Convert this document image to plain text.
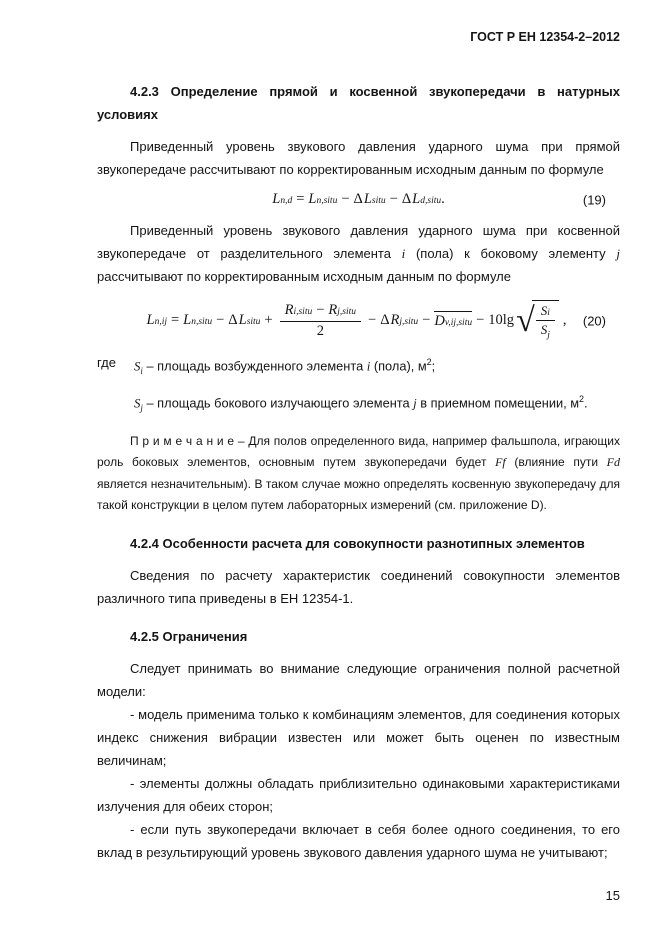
ГОСТ Р ЕН 12354-2–2012
4.2.3 Определение прямой и косвенной звукопередачи в натурных условиях

Приведенный уровень звукового давления ударного шума при прямой звукопередаче рассчитывают по корректированным исходным данным по формуле

L n,d = L n,situ − Δ L situ − Δ L d,situ .	(19)

Приведенный уровень звукового давления ударного шума при косвенной звукопередаче от разделительного элемента i (пола) к боковому элементу j рассчитывают по корректированным исходным данным по формуле

L n,ij = L n,situ − Δ L situ + $\frac{\text{R i,situ − R j,situ}}{2} - \Delta$ R j,situ − D v,ij,situ − 10lg √ $\frac{S_i}{S_j}$ , (20)
где	$S_i$ – площадь возбужденного элемента i (пола), $м^2$;

$S_j$ – площадь бокового излучающего элемента j в приемном помещении, $м^2$.

П р и м е ч а н и е – Для полов определенного вида, например фальшпола, играющих роль боковых элементов, основным путем звукопередачи будет Ff (влияние пути Fd является незначительным). В таком случае можно определять косвенную звукопередачу для такой конструкции в целом путем лабораторных измерений (см. приложение D).

4.2.4 Особенности расчета для совокупности разнотипных элементов

Сведения по расчету характеристик соединений совокупности элементов различного типа приведены в ЕН 12354-1.

4.2.5 Ограничения

Следует принимать во внимание следующие ограничения полной расчетной модели:

- модель применима только к комбинациям элементов, для соединения которых индекс снижения вибрации известен или может быть оценен по известным величинам;

- элементы должны обладать приблизительно одинаковыми характеристиками излучения для обеих сторон;

- если путь звукопередачи включает в себя более одного соединения, то его вклад в результирующий уровень звукового давления ударного шума не учитывают;

15
